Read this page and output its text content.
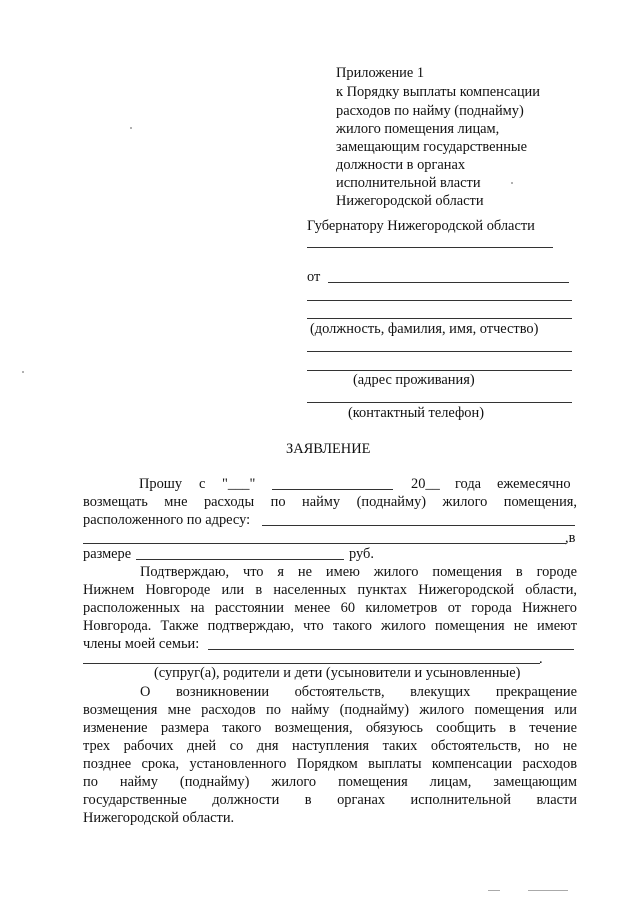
Приложение 1
к Порядку выплаты компенсации
расходов по найму (поднайму)
жилого помещения лицам,
замещающим государственные
должности в органах
исполнительной власти
Нижегородской области
Губернатору Нижегородской области
от
(должность, фамилия, имя, отчество)
(адрес проживания)
(контактный телефон)
ЗАЯВЛЕНИЕ
Прошу с "___"	20__ года ежемесячно
возмещать мне расходы по найму (поднайму) жилого помещения,
расположенного по адресу:
,в
размере	руб.
Подтверждаю, что я не имею жилого помещения в городе
Нижнем Новгороде или в населенных пунктах Нижегородской области,
расположенных на расстоянии менее 60 километров от города Нижнего
Новгорода. Также подтверждаю, что такого жилого помещения не имеют
члены моей семьи:
.
(супруг(а), родители и дети (усыновители и усыновленные)
О возникновении обстоятельств, влекущих прекращение
возмещения мне расходов по найму (поднайму) жилого помещения или
изменение размера такого возмещения, обязуюсь сообщить в течение
трех рабочих дней со дня наступления таких обстоятельств, но не
позднее срока, установленного Порядком выплаты компенсации расходов
по найму (поднайму) жилого помещения лицам, замещающим
государственные должности в органах исполнительной власти
Нижегородской области.
